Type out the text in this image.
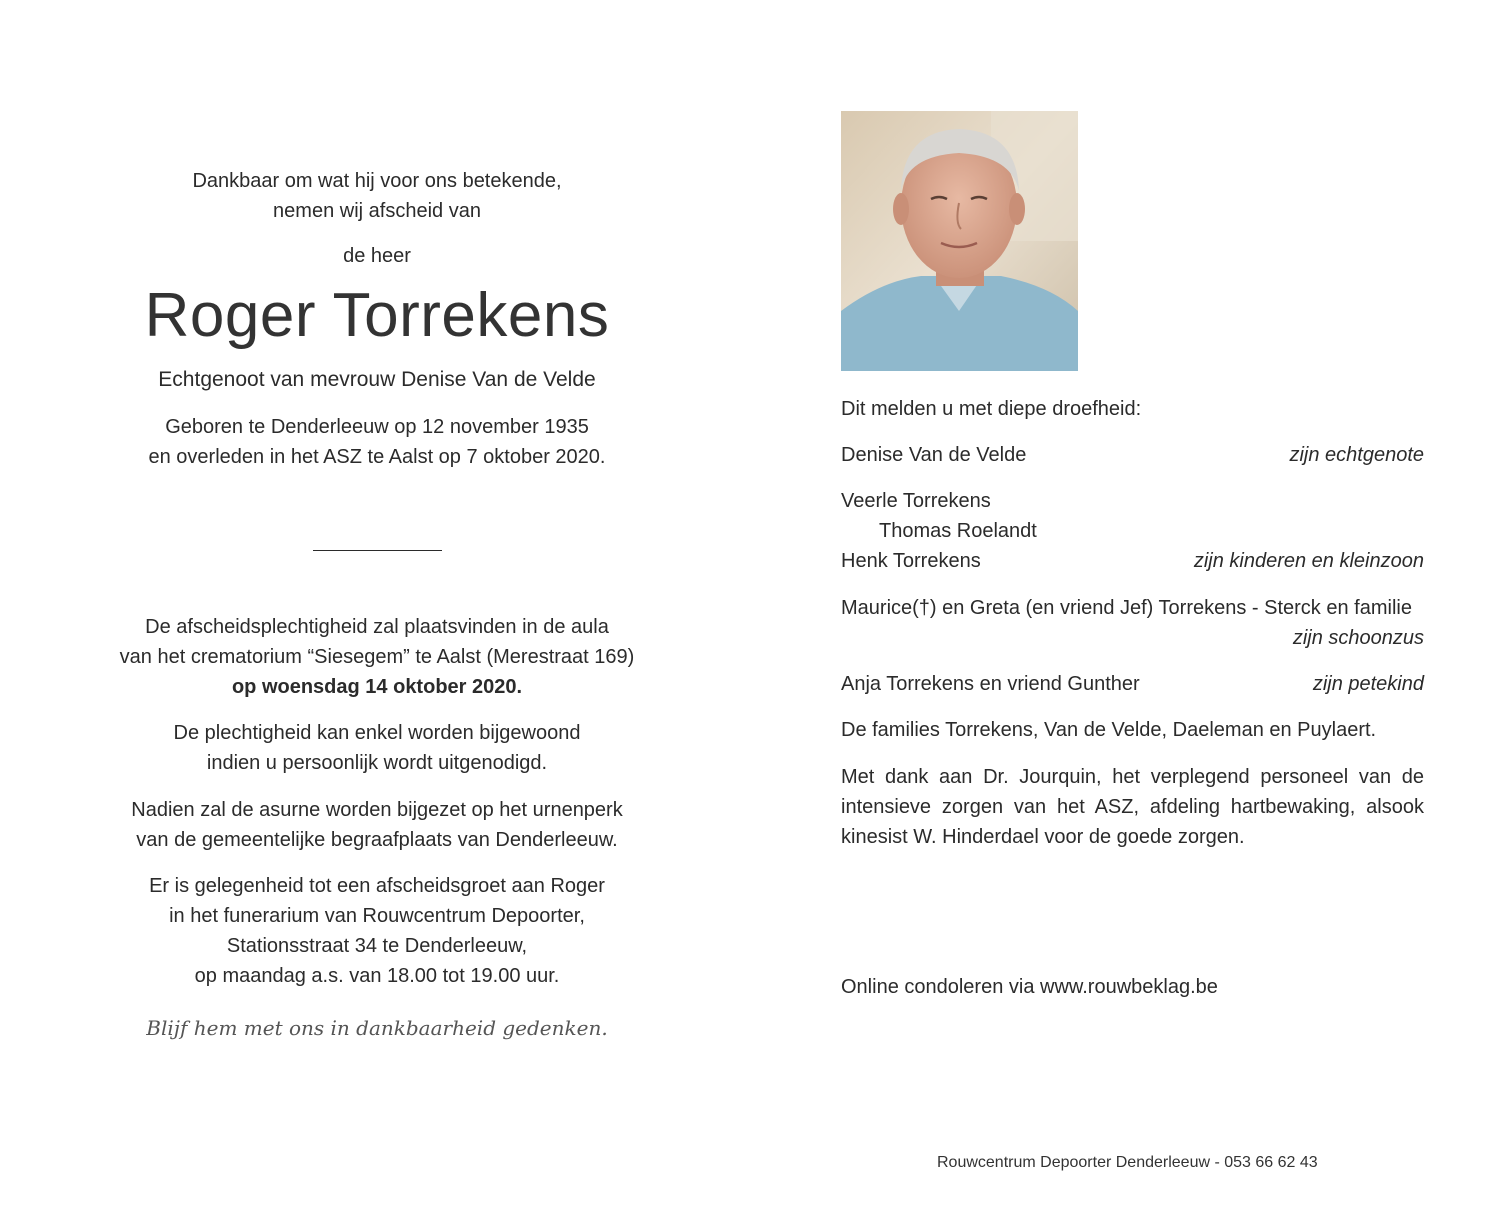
Dankbaar om wat hij voor ons betekende,
nemen wij afscheid van
de heer
Roger Torrekens
Echtgenoot van mevrouw Denise Van de Velde
Geboren te Denderleeuw op 12 november 1935
en overleden in het ASZ te Aalst op 7 oktober 2020.
De afscheidsplechtigheid zal plaatsvinden in de aula
van het crematorium “Siesegem” te Aalst (Merestraat 169)
op woensdag 14 oktober 2020.
De plechtigheid kan enkel worden bijgewoond
indien u persoonlijk wordt uitgenodigd.
Nadien zal de asurne worden bijgezet op het urnenperk
van de gemeentelijke begraafplaats van Denderleeuw.
Er is gelegenheid tot een afscheidsgroet aan Roger
in het funerarium van Rouwcentrum Depoorter,
Stationsstraat 34 te Denderleeuw,
op maandag a.s. van 18.00 tot 19.00 uur.
Blijf hem met ons in dankbaarheid gedenken.
Dit melden u met diepe droefheid:
Denise Van de Velde	zijn echtgenote
Veerle Torrekens
Thomas Roelandt
Henk Torrekens	zijn kinderen en kleinzoon
Maurice(†) en Greta (en vriend Jef) Torrekens - Sterck en familie
zijn schoonzus
Anja Torrekens en vriend Gunther	zijn petekind
De families Torrekens, Van de Velde, Daeleman en Puylaert.
Met dank aan Dr. Jourquin, het verplegend personeel van de intensieve zorgen van het ASZ, afdeling hartbewaking, alsook kinesist W. Hinderdael voor de goede zorgen.
Online condoleren via www.rouwbeklag.be
Rouwcentrum Depoorter Denderleeuw - 053 66 62 43
